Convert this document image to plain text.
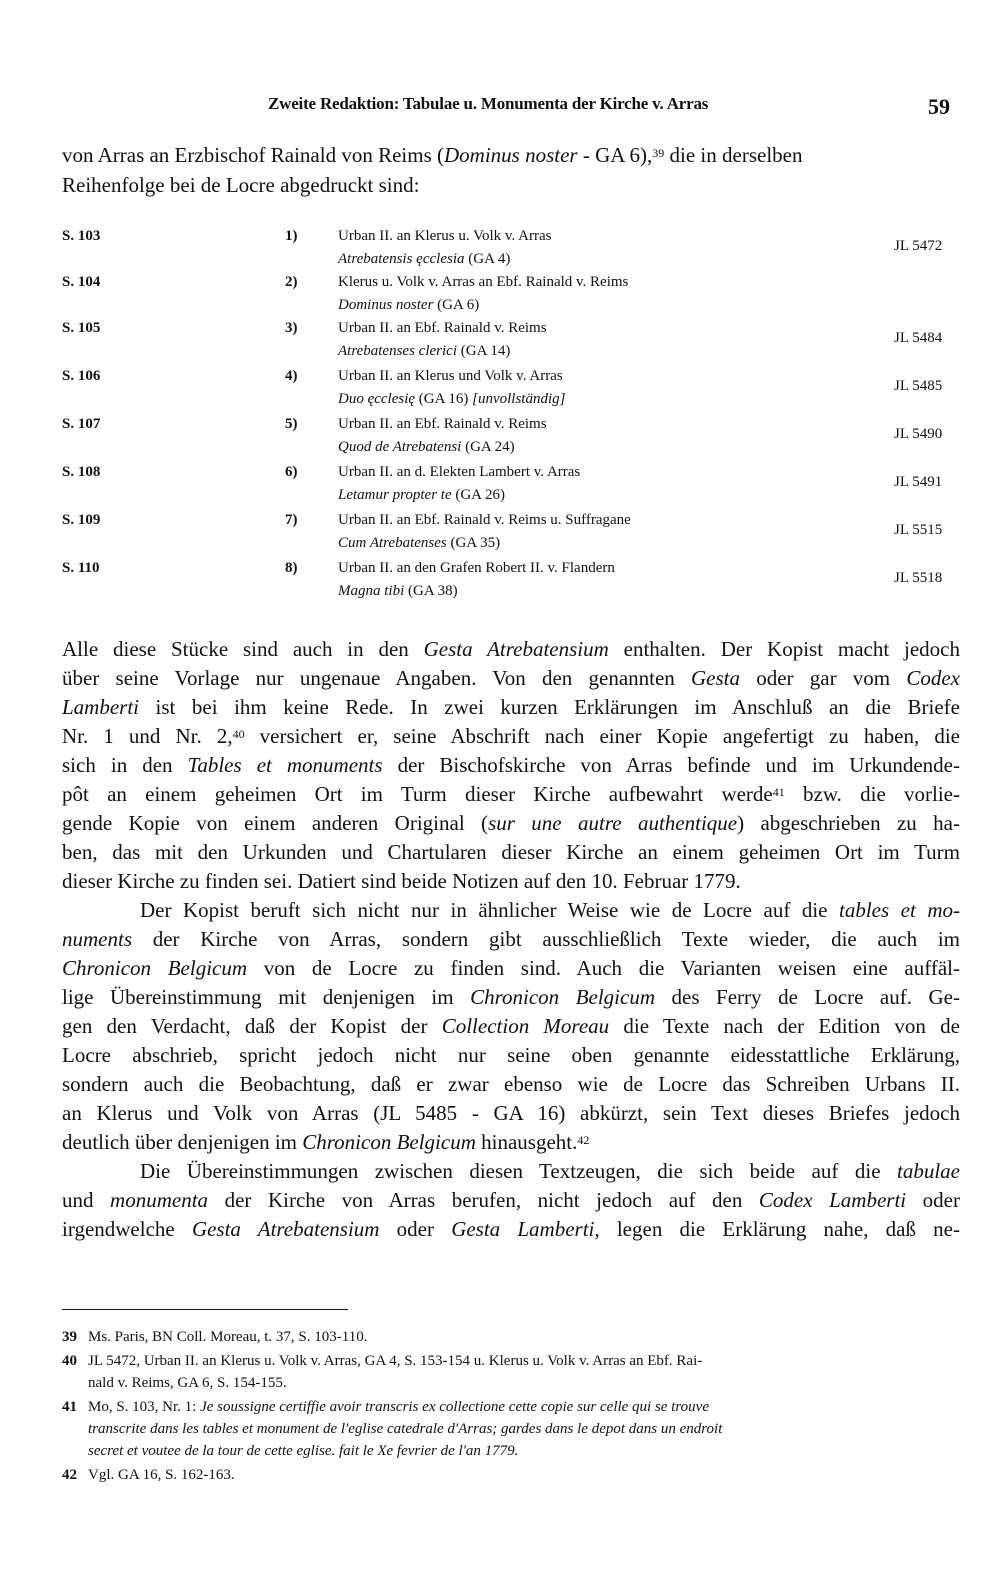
Zweite Redaktion: Tabulae u. Monumenta der Kirche v. Arras	59
von Arras an Erzbischof Rainald von Reims (Dominus noster - GA 6),$^{39}$ die in derselben
Reihenfolge bei de Locre abgedruckt sind:
S. 103	1)	Urban II. an Klerus u. Volk v. Arras
Atrebatensis ęcclesia (GA 4)
JL 5472
S. 104	2)	Klerus u. Volk v. Arras an Ebf. Rainald v. Reims
Dominus noster (GA 6)
S. 105	3)	Urban II. an Ebf. Rainald v. Reims
Atrebatenses clerici (GA 14)
JL 5484
S. 106	4)	Urban II. an Klerus und Volk v. Arras
Duo ęcclesię (GA 16) [unvollständig]
JL 5485
S. 107	5)	Urban II. an Ebf. Rainald v. Reims
Quod de Atrebatensi (GA 24)
JL 5490
S. 108	6)	Urban II. an d. Elekten Lambert v. Arras
Letamur propter te (GA 26)
JL 5491
S. 109	7)	Urban II. an Ebf. Rainald v. Reims u. Suffragane
Cum Atrebatenses (GA 35)
JL 5515
S. 110	8)	Urban II. an den Grafen Robert II. v. Flandern
Magna tibi (GA 38)
JL 5518
Alle diese Stücke sind auch in den Gesta Atrebatensium enthalten. Der Kopist macht jedoch
über seine Vorlage nur ungenaue Angaben. Von den genannten Gesta oder gar vom Codex
Lamberti ist bei ihm keine Rede. In zwei kurzen Erklärungen im Anschluß an die Briefe
Nr. 1 und Nr. 2,40 versichert er, seine Abschrift nach einer Kopie angefertigt zu haben, die
sich in den Tables et monuments der Bischofskirche von Arras befinde und im Urkundende-
pôt an einem geheimen Ort im Turm dieser Kirche aufbewahrt werde$^{41}$ bzw. die vorlie-
gende Kopie von einem anderen Original (sur une autre authentique) abgeschrieben zu ha-
ben, das mit den Urkunden und Chartularen dieser Kirche an einem geheimen Ort im Turm
dieser Kirche zu finden sei. Datiert sind beide Notizen auf den 10. Februar 1779.
Der Kopist beruft sich nicht nur in ähnlicher Weise wie de Locre auf die tables et mo-
numents der Kirche von Arras, sondern gibt ausschließlich Texte wieder, die auch im
Chronicon Belgicum von de Locre zu finden sind. Auch die Varianten weisen eine auffäl-
lige Übereinstimmung mit denjenigen im Chronicon Belgicum des Ferry de Locre auf. Ge-
gen den Verdacht, daß der Kopist der Collection Moreau die Texte nach der Edition von de
Locre abschrieb, spricht jedoch nicht nur seine oben genannte eidesstattliche Erklärung,
sondern auch die Beobachtung, daß er zwar ebenso wie de Locre das Schreiben Urbans II.
an Klerus und Volk von Arras (JL 5485 - GA 16) abkürzt, sein Text dieses Briefes jedoch
deutlich über denjenigen im Chronicon Belgicum hinausgeht.$^{42}$
Die Übereinstimmungen zwischen diesen Textzeugen, die sich beide auf die tabulae
und monumenta der Kirche von Arras berufen, nicht jedoch auf den Codex Lamberti oder
irgendwelche Gesta Atrebatensium oder Gesta Lamberti, legen die Erklärung nahe, daß ne-
39 Ms. Paris, BN Coll. Moreau, t. 37, S. 103-110.
40 JL 5472, Urban II. an Klerus u. Volk v. Arras, GA 4, S. 153-154 u. Klerus u. Volk v. Arras an Ebf. Rai-
nald v. Reims, GA 6, S. 154-155.
41 Mo, S. 103, Nr. 1: Je soussigne certiffie avoir transcris ex collectione cette copie sur celle qui se trouve
transcrite dans les tables et monument de l'eglise catedrale d'Arras; gardes dans le depot dans un endroit
secret et voutee de la tour de cette eglise. fait le Xe fevrier de l'an 1779.
42 Vgl. GA 16, S. 162-163.
